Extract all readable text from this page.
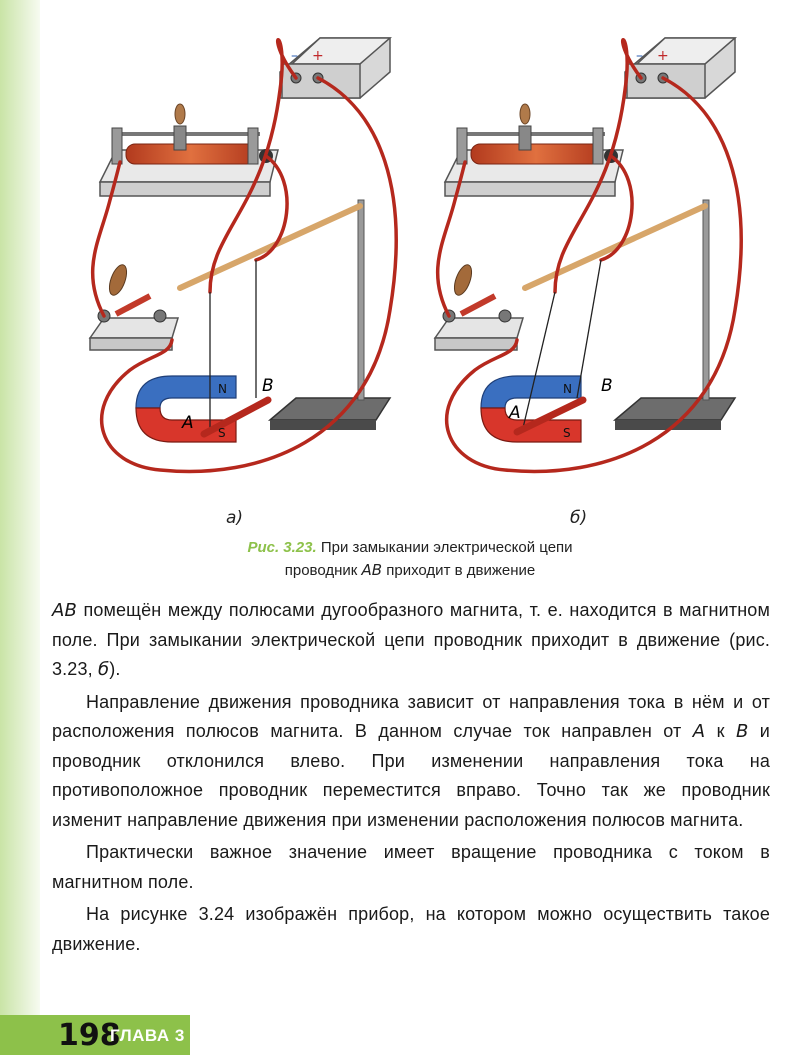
B
A
N
S
– +
B
A
N
S
– +
а)	б)
Рис. 3.23. При замыкании электрической цепи
проводник AB приходит в движение

AB помещён между полюсами дугообразного магнита, т. е. находится в магнитном поле. При замыкании электрической цепи проводник приходит в движение (рис. 3.23, б).

Направление движения проводника зависит от направления тока в нём и от расположения полюсов магнита. В данном случае ток направлен от A к B и проводник отклонился влево. При изменении направления тока на противоположное проводник переместится вправо. Точно так же проводник изменит направление движения при изменении расположения полюсов магнита.

Практически важное значение имеет вращение проводника с током в магнитном поле.

На рисунке 3.24 изображён прибор, на котором можно осуществить такое движение.

198
ГЛАВА 3
